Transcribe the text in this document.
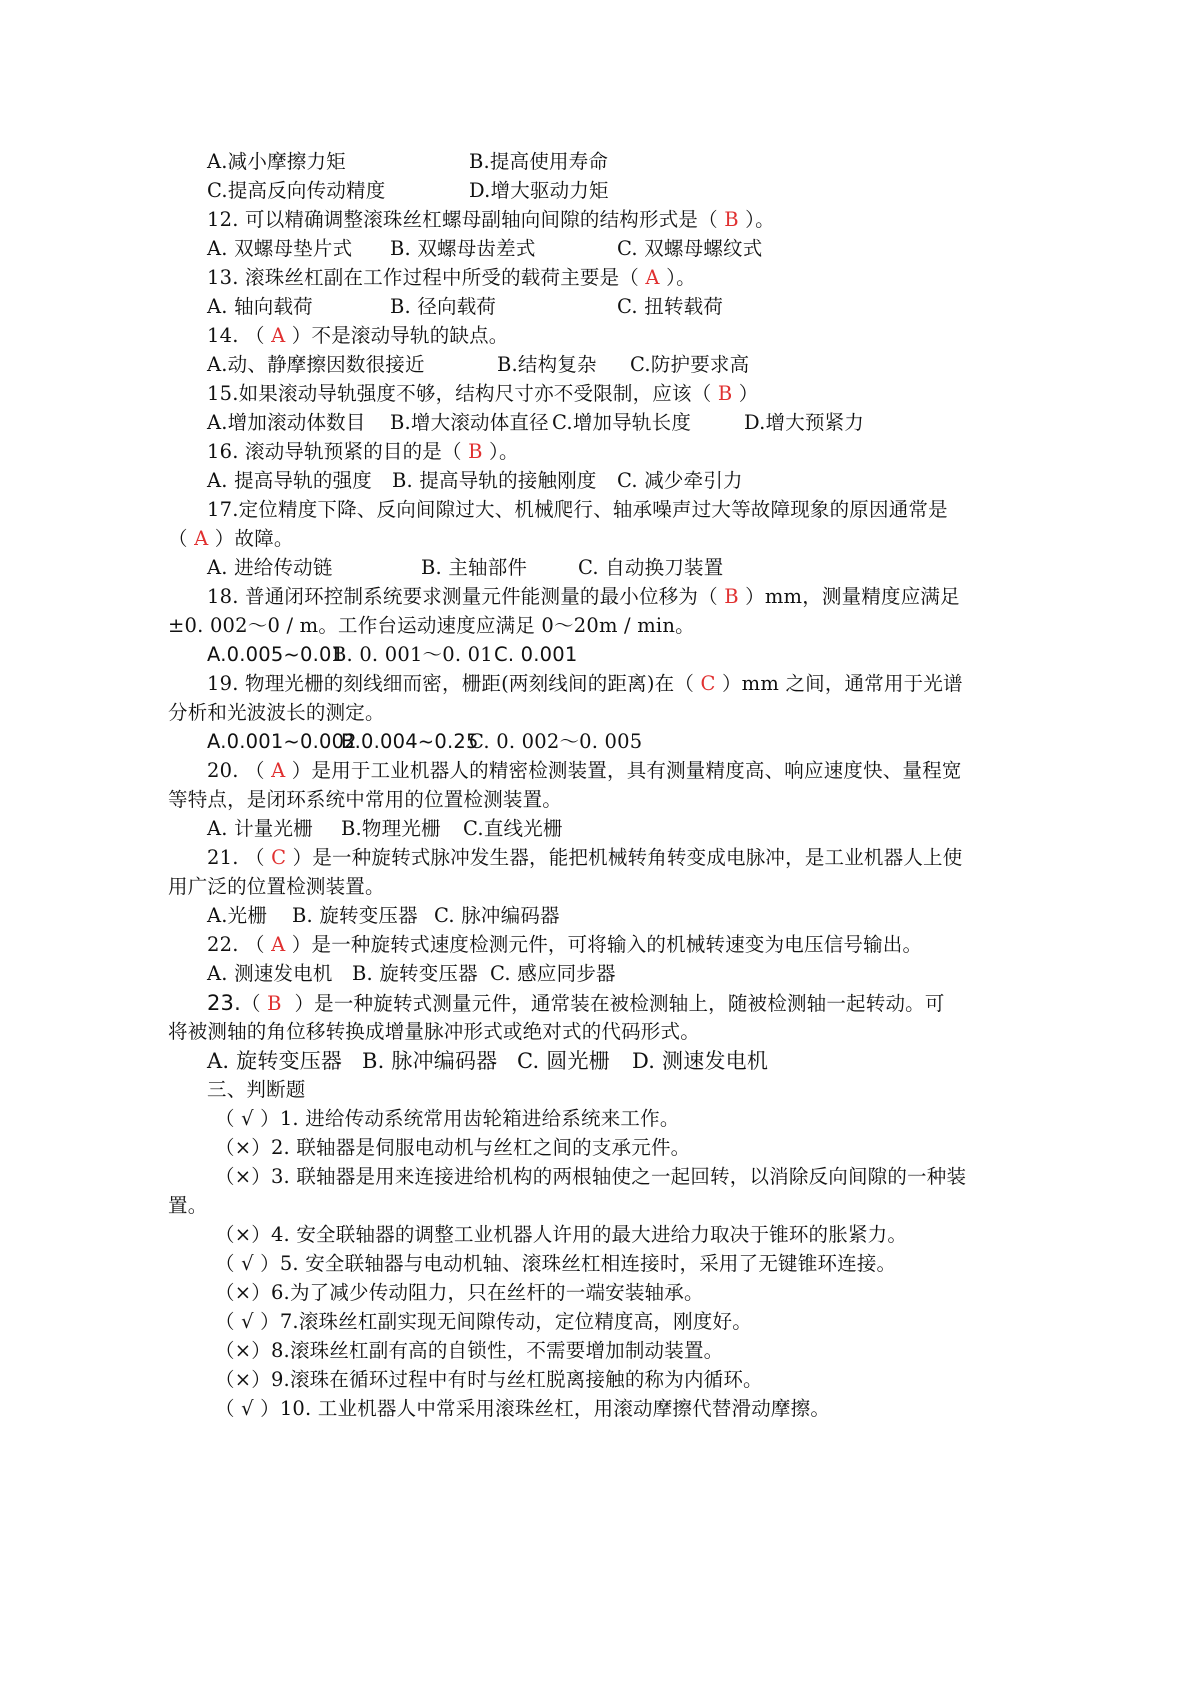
A.减小摩擦力矩	B.提高使用寿命
C.提高反向传动精度	D.增大驱动力矩
12. 可以精确调整滚珠丝杠螺母副轴向间隙的结构形式是（ B ）。
A. 双螺母垫片式 B. 双螺母齿差式	C. 双螺母螺纹式
13. 滚珠丝杠副在工作过程中所受的载荷主要是（ A ）。
A. 轴向载荷	B. 径向载荷	C. 扭转载荷
14. （ A ）不是滚动导轨的缺点。
A.动、静摩擦因数很接近	B.结构复杂 C.防护要求高
15.如果滚动导轨强度不够，结构尺寸亦不受限制，应该（ B ）
A.增加滚动体数目 B.增大滚动体直径 C.增加导轨长度	D.增大预紧力
16. 滚动导轨预紧的目的是（ B ）。
A. 提高导轨的强度 B. 提高导轨的接触刚度 C. 减少牵引力
17.定位精度下降、反向间隙过大、机械爬行、轴承噪声过大等故障现象的原因通常是
（ A ）故障。
A. 进给传动链	B. 主轴部件	C. 自动换刀装置
18. 普通闭环控制系统要求测量元件能测量的最小位移为（ B ）mm，测量精度应满足
±0. 002～0 / m。工作台运动速度应满足 0～20m / min。
A.0.005~0.01
B. 0. 001～0. 01 C. 0.001
19. 物理光栅的刻线细而密，栅距(两刻线间的距离)在（ C ）mm 之间，通常用于光谱
分析和光波波长的测定。
A.0.001~0.002
B.0.004~0.25
C. 0. 002～0. 005
20. （ A ）是用于工业机器人的精密检测装置，具有测量精度高、响应速度快、量程宽
等特点，是闭环系统中常用的位置检测装置。
A. 计量光栅 B.物理光栅 C.直线光栅
21. （ C ）是一种旋转式脉冲发生器，能把机械转角转变成电脉冲，是工业机器人上使
用广泛的位置检测装置。
A.光栅 B. 旋转变压器 C. 脉冲编码器
22. （ A ）是一种旋转式速度检测元件，可将输入的机械转速变为电压信号输出。
A. 测速发电机 B. 旋转变压器 C. 感应同步器
23.（ B  ）是一种旋转式测量元件，通常装在被检测轴上，随被检测轴一起转动。可
将被测轴的角位移转换成增量脉冲形式或绝对式的代码形式。
A. 旋转变压器 B. 脉冲编码器 C. 圆光栅 D. 测速发电机
三、判断题
（ √ ）1. 进给传动系统常用齿轮箱进给系统来工作。
（×）2. 联轴器是伺服电动机与丝杠之间的支承元件。
（×）3. 联轴器是用来连接进给机构的两根轴使之一起回转，以消除反向间隙的一种装
置。
（×）4. 安全联轴器的调整工业机器人许用的最大进给力取决于锥环的胀紧力。
（ √ ）5. 安全联轴器与电动机轴、滚珠丝杠相连接时，采用了无键锥环连接。
（×）6.为了减少传动阻力，只在丝杆的一端安装轴承。
（ √ ）7.滚珠丝杠副实现无间隙传动，定位精度高，刚度好。
（×）8.滚珠丝杠副有高的自锁性，不需要增加制动装置。
（×）9.滚珠在循环过程中有时与丝杠脱离接触的称为内循环。
（ √ ）10. 工业机器人中常采用滚珠丝杠，用滚动摩擦代替滑动摩擦。
